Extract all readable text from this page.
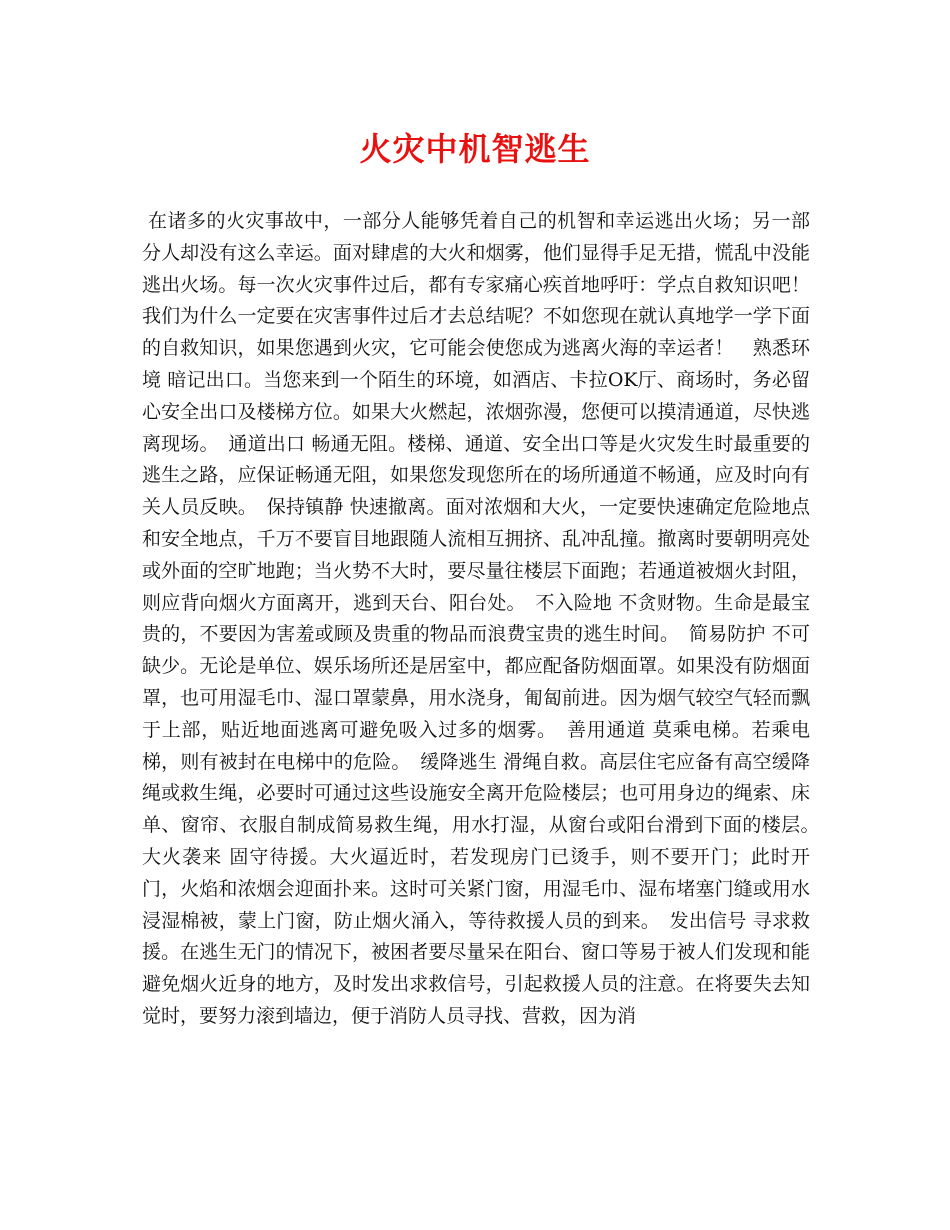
火灾中机智逃生
在诸多的火灾事故中，一部分人能够凭着自己的机智和幸运逃出火场；另一部分人却没有这么幸运。面对肆虐的大火和烟雾，他们显得手足无措，慌乱中没能逃出火场。每一次火灾事件过后，都有专家痛心疾首地呼吁：学点自救知识吧！我们为什么一定要在灾害事件过后才去总结呢？不如您现在就认真地学一学下面的自救知识，如果您遇到火灾，它可能会使您成为逃离火海的幸运者！　熟悉环境 暗记出口。当您来到一个陌生的环境，如酒店、卡拉OK厅、商场时，务必留心安全出口及楼梯方位。如果大火燃起，浓烟弥漫，您便可以摸清通道，尽快逃离现场。　通道出口 畅通无阻。楼梯、通道、安全出口等是火灾发生时最重要的逃生之路，应保证畅通无阻，如果您发现您所在的场所通道不畅通，应及时向有关人员反映。　保持镇静 快速撤离。面对浓烟和大火，一定要快速确定危险地点和安全地点，千万不要盲目地跟随人流相互拥挤、乱冲乱撞。撤离时要朝明亮处或外面的空旷地跑；当火势不大时，要尽量往楼层下面跑；若通道被烟火封阻，则应背向烟火方面离开，逃到天台、阳台处。　不入险地 不贪财物。生命是最宝贵的，不要因为害羞或顾及贵重的物品而浪费宝贵的逃生时间。　简易防护 不可缺少。无论是单位、娱乐场所还是居室中，都应配备防烟面罩。如果没有防烟面罩，也可用湿毛巾、湿口罩蒙鼻，用水浇身，匍匐前进。因为烟气较空气轻而飘于上部，贴近地面逃离可避免吸入过多的烟雾。　善用通道 莫乘电梯。若乘电梯，则有被封在电梯中的危险。　缓降逃生 滑绳自救。高层住宅应备有高空缓降绳或救生绳，必要时可通过这些设施安全离开危险楼层；也可用身边的绳索、床单、窗帘、衣服自制成简易救生绳，用水打湿，从窗台或阳台滑到下面的楼层。　大火袭来 固守待援。大火逼近时，若发现房门已烫手，则不要开门；此时开门，火焰和浓烟会迎面扑来。这时可关紧门窗，用湿毛巾、湿布堵塞门缝或用水浸湿棉被，蒙上门窗，防止烟火涌入，等待救援人员的到来。　发出信号 寻求救援。在逃生无门的情况下，被困者要尽量呆在阳台、窗口等易于被人们发现和能避免烟火近身的地方，及时发出求救信号，引起救援人员的注意。在将要失去知觉时，要努力滚到墙边，便于消防人员寻找、营救，因为消
